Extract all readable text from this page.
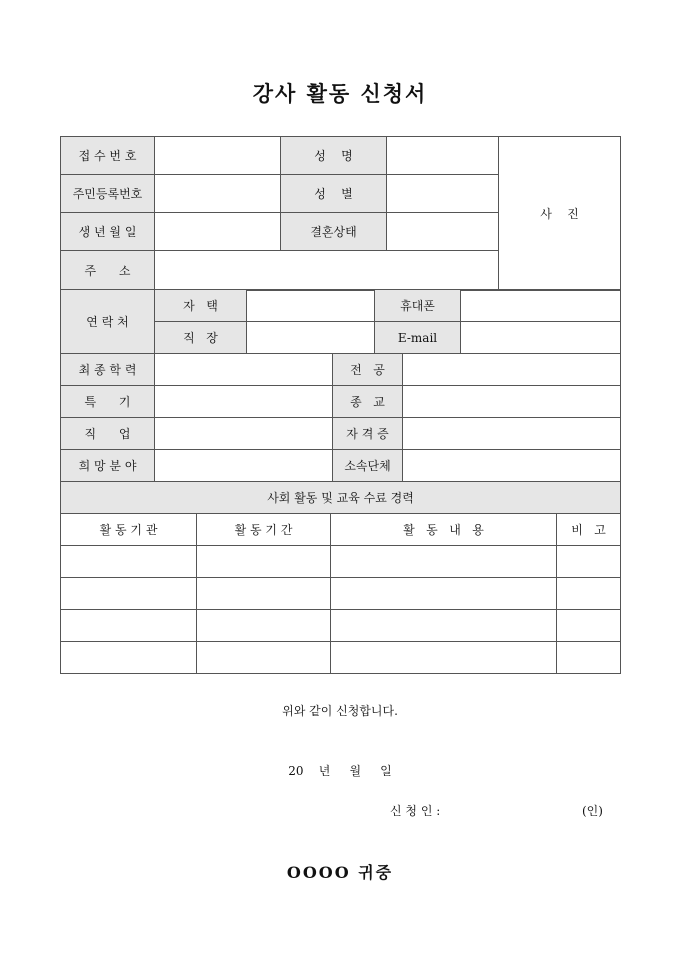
강사 활동 신청서
접 수 번 호		성    명		사    진
주민등록번호		성    별	
생 년 월 일		결혼상태	
주      소	
연 락 처	자   택		휴대폰	
	직   장		E-mail	
최 종 학 력		전   공	
특      기		종   교	
직      업		자 격 증	
희 망 분 야		소속단체	
사회 활동 및 교육 수료 경력			
활 동 기 관	활 동 기 간	활   동   내   용	비   고

위와 같이 신청합니다.
20    년     월     일
신 청 인 :	(인)
OOOO 귀중
